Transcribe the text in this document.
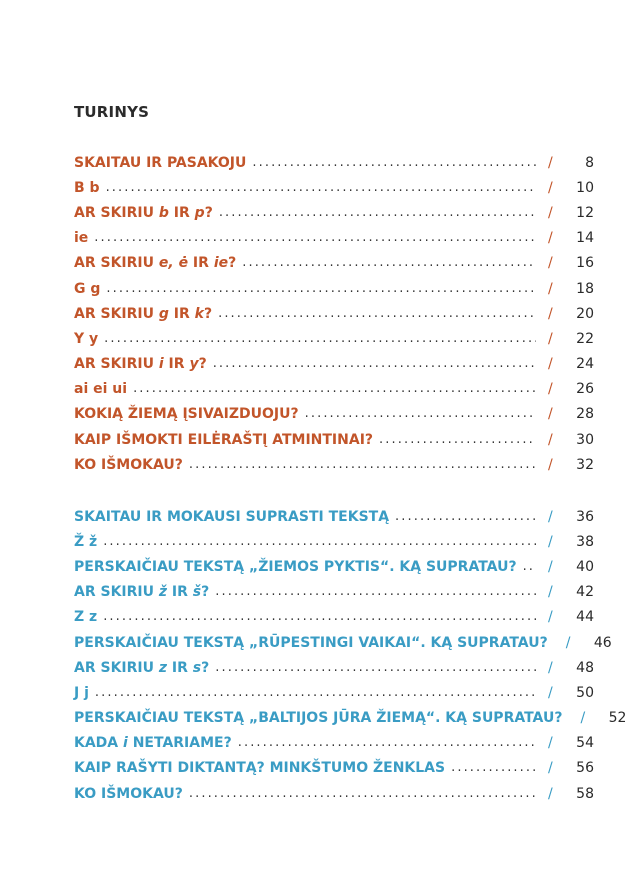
TURINYS
SKAITAU IR PASAKOJU .....	/	8
B b .....	/	10
AR SKIRIU b IR p? .....	/	12
ie .....	/	14
AR SKIRIU e, ė IR ie? .....	/	16
G g .....	/	18
AR SKIRIU g IR k? .....	/	20
Y y .....	/	22
AR SKIRIU i IR y? .....	/	24
ai ei ui .....	/	26
KOKIĄ ŽIEMĄ ĮSIVAIZDUOJU? .....	/	28
KAIP IŠMOKTI EILĖRAŠTĮ ATMINTINAI? .....	/	30
KO IŠMOKAU? .....	/	32
SKAITAU IR MOKAUSI SUPRASTI TEKSTĄ .....	/	36
Ž ž .....	/	38
PERSKAIČIAU TEKSTĄ „ŽIEMOS PYKTIS“. KĄ SUPRATAU? .....	/	40
AR SKIRIU ž IR š? .....	/	42
Z z .....	/	44
PERSKAIČIAU TEKSTĄ „RŪPESTINGI VAIKAI“. KĄ SUPRATAU?	/	46
AR SKIRIU z IR s? .....	/	48
J j .....	/	50
PERSKAIČIAU TEKSTĄ „BALTIJOS JŪRA ŽIEMĄ“. KĄ SUPRATAU?	/	52
KADA i NETARIAME? .....	/	54
KAIP RAŠYTI DIKTANTĄ? MINKŠTUMO ŽENKLAS .....	/	56
KO IŠMOKAU? .....	/	58
